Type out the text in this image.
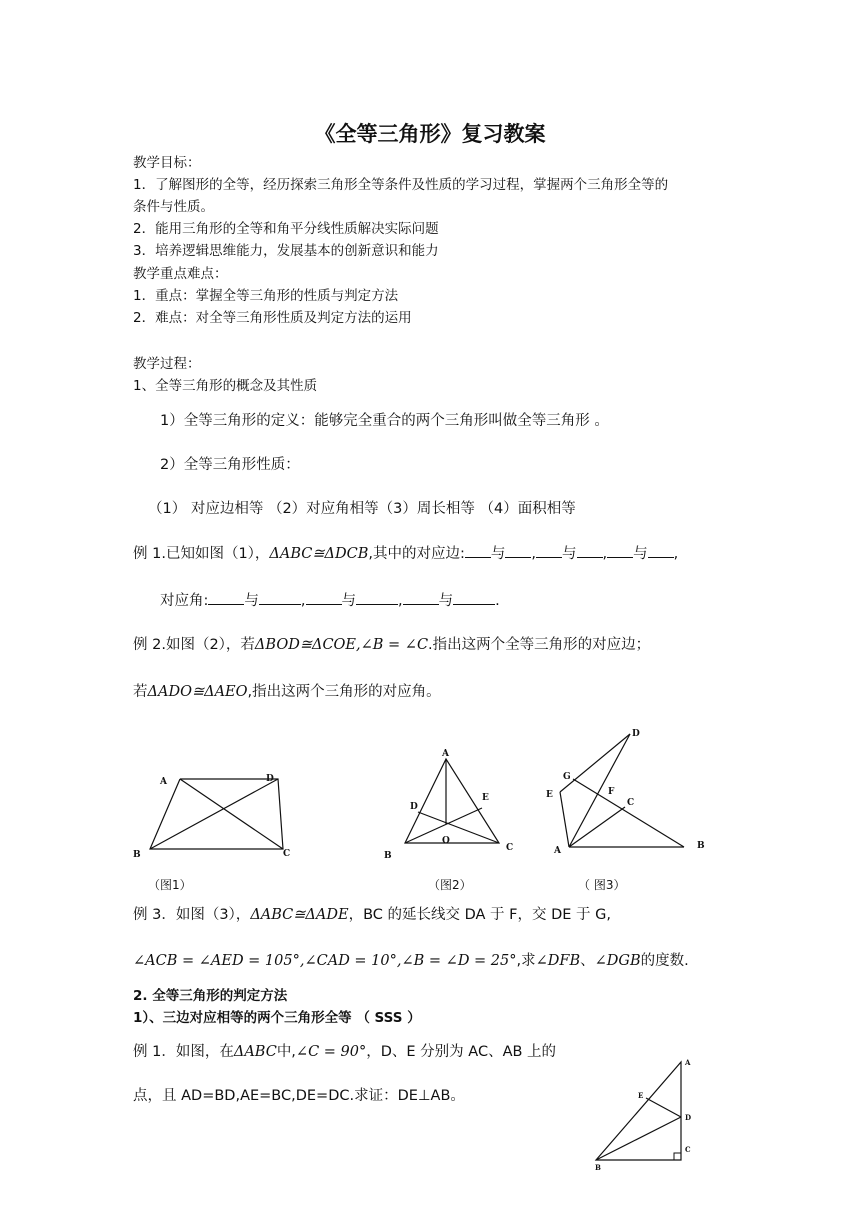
《全等三角形》复习教案
教学目标：
1．了解图形的全等，经历探索三角形全等条件及性质的学习过程，掌握两个三角形全等的
条件与性质。
2．能用三角形的全等和角平分线性质解决实际问题
3．培养逻辑思维能力，发展基本的创新意识和能力
教学重点难点：
1．重点：掌握全等三角形的性质与判定方法
2．难点：对全等三角形性质及判定方法的运用
教学过程：
1、全等三角形的概念及其性质
1）全等三角形的定义：能够完全重合的两个三角形叫做全等三角形 。
2）全等三角形性质：
（1） 对应边相等 （2）对应角相等（3）周长相等 （4）面积相等
例 1.已知如图（1），ΔABC≅ΔDCB,其中的对应边: 与 , 与 , 与 ,
对应角: 与	, 与	, 与	.
例 2.如图（2），若ΔBOD≅ΔCOE,∠B = ∠C.指出这两个全等三角形的对应边；
若ΔADO≅ΔAEO,指出这两个三角形的对应角。
A	D
B	C
（图1）
A
D
E
O
B
C
（图2）
D
G
E	F
C
A	B
（ 图3）
例 3．如图（3），ΔABC≅ΔADE，BC 的延长线交 DA 于 F，交 DE 于 G,
∠ACB = ∠AED = 105°,∠CAD = 10°,∠B = ∠D = 25°,求∠DFB、∠DGB的度数.
2. 全等三角形的判定方法
1）、三边对应相等的两个三角形全等 （ SSS ）
例 1．如图，在ΔABC中,∠C = 90°，D、E 分别为 AC、AB 上的
点，且 AD=BD,AE=BC,DE=DC.求证：DE⊥AB。
A
E
D
C
B
